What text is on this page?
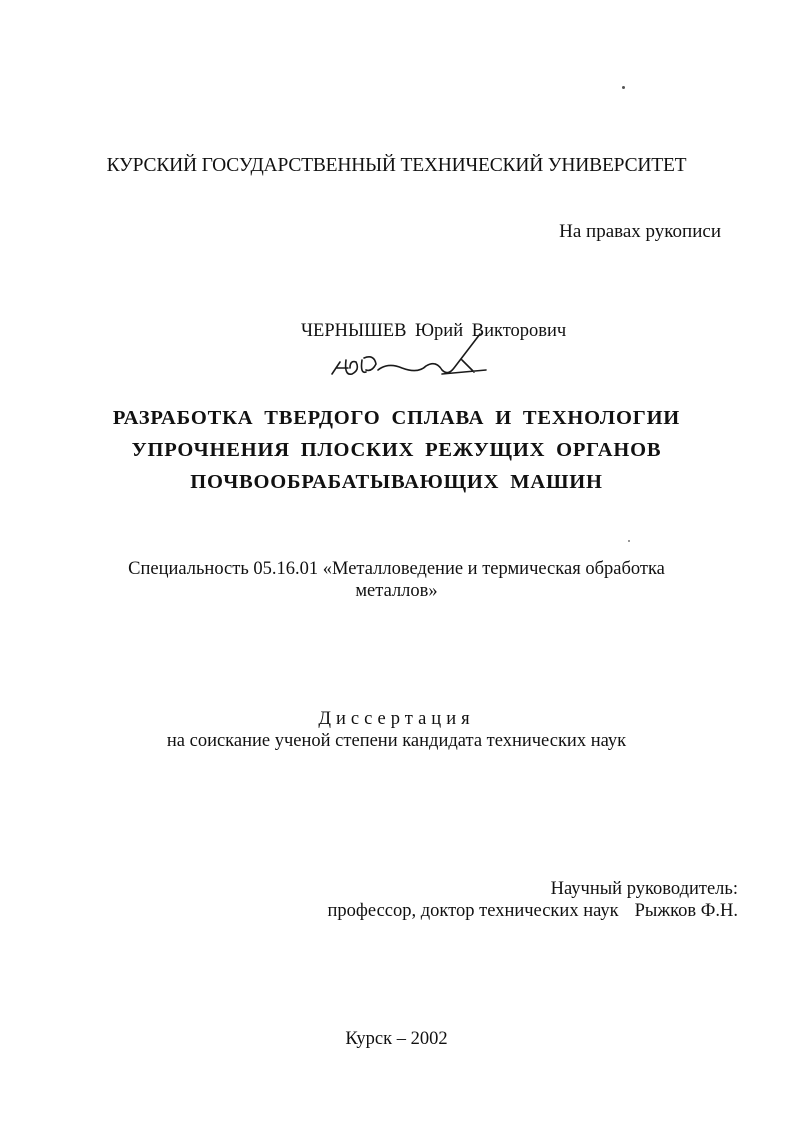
КУРСКИЙ ГОСУДАРСТВЕННЫЙ ТЕХНИЧЕСКИЙ УНИВЕРСИТЕТ
На правах рукописи
ЧЕРНЫШЕВ Юрий Викторович
РАЗРАБОТКА ТВЕРДОГО СПЛАВА И ТЕХНОЛОГИИ
УПРОЧНЕНИЯ ПЛОСКИХ РЕЖУЩИХ ОРГАНОВ
ПОЧВООБРАБАТЫВАЮЩИХ МАШИН
Специальность 05.16.01 «Металловедение и термическая обработка
металлов»
Диссертация
на соискание ученой степени кандидата технических наук
Научный руководитель:
профессор, доктор технических наук Рыжков Ф.Н.
Курск – 2002
